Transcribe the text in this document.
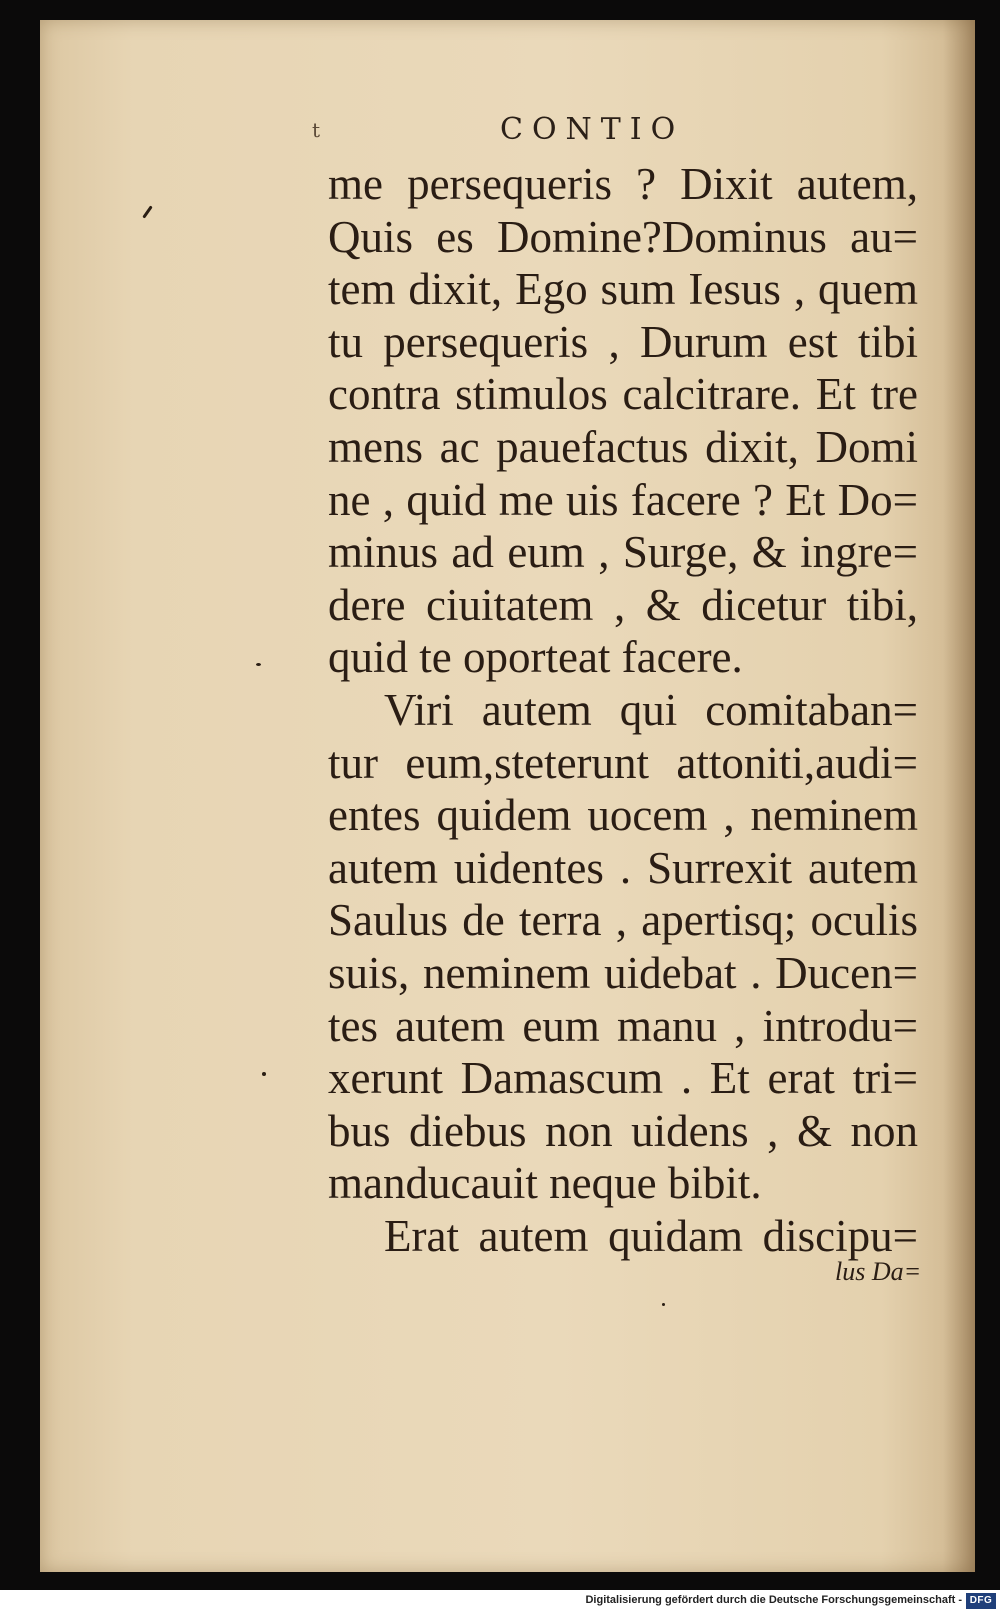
t	CONTIO
me persequeris ? Dixit autem,
Quis es Domine?Dominus au=
tem dixit, Ego sum Iesus , quem
tu persequeris , Durum est tibi
contra stimulos calcitrare. Et tre
mens ac pauefactus dixit, Domi
ne , quid me uis facere ? Et Do=
minus ad eum , Surge, & ingre=
dere ciuitatem , & dicetur tibi,
quid te oporteat facere.
Viri autem qui comitaban=
tur eum,steterunt attoniti,audi=
entes quidem uocem , neminem
autem uidentes . Surrexit autem
Saulus de terra , apertisq; oculis
suis, neminem uidebat . Ducen=
tes autem eum manu , introdu=
xerunt Damascum . Et erat tri=
bus diebus non uidens , & non
manducauit neque bibit.
Erat autem quidam discipu=
lus Da=
Digitalisierung gefördert durch die Deutsche Forschungsgemeinschaft - DFG
